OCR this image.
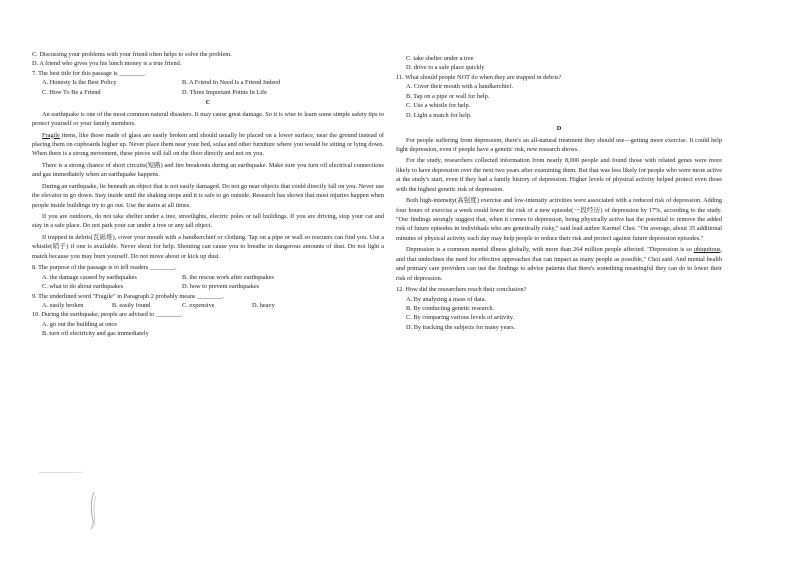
C. Discussing your problems with your friend often helps to solve the problem.
D. A friend who gives you his lunch money is a true friend.
7. The best title for this passage is ________.
A. Honesty Is the Best Policy	B. A Friend In Need Is a Friend Indeed
C. How To Be a Friend	D. Three Important Points In Life
C
An earthquake is one of the most common natural disasters. It may cause great damage. So it is wise to learn some simple safety tips to protect yourself or your family members.
Fragile items, like those made of glass are easily broken and should usually be placed on a lower surface, near the ground instead of placing them on cupboards higher up. Never place them near your bed, sofas and other furniture where you would be sitting or lying down. When there is a strong movement, these pieces will fall on the floor directly and not on you.
There is a strong chance of short circuits(短路) and fire breakouts during an earthquake. Make sure you turn off electrical connections and gas immediately when an earthquake happens.
During an earthquake, lie beneath an object that is not easily damaged. Do not go near objects that could directly fall on you. Never use the elevator to go down. Stay inside until the shaking stops and it is safe to go outside. Research has shown that most injuries happen when people inside buildings try to go out. Use the stairs at all times.
If you are outdoors, do not take shelter under a tree, streetlights, electric poles or tall buildings. If you are driving, stop your car and stay in a safe place. Do not park your car under a tree or any tall object.
If trapped in debris(瓦砾堆), cover your mouth with a handkerchief or clothing. Tap on a pipe or wall so rescuers can find you. Use a whistle(哨子) if one is available. Never shout for help. Shouting can cause you to breathe in dangerous amounts of dust. Do not light a match because you may burn yourself. Do not move about or kick up dust.
8. The purpose of the passage is to tell readers ________.
A. the damage caused by earthquakes	B. the rescue work after earthquakes
C. what to do about earthquakes	D. how to prevent earthquakes
9. The underlined word "Fragile" in Paragraph 2 probably means ________.
A. easily broken	B. easily found	C. expensive	D. heavy
10. During the earthquake, people are advised to ________.
A. go out the building at once
B. turn off electricity and gas immediately
C. take shelter under a tree
D. drive to a safe place quickly
11. What should people NOT do when they are trapped in debris?
A. Cover their mouth with a handkerchief.
B. Tap on a pipe or wall for help.
C. Use a whistle for help.
D. Light a match for help.
D
For people suffering from depression, there's an all-natural treatment they should use—getting more exercise. It could help fight depression, even if people have a genetic risk, new research shows.
For the study, researchers collected information from nearly 8,000 people and found those with related genes were more likely to have depression over the next two years after examining them. But that was less likely for people who were more active at the study's start, even if they had a family history of depression. Higher levels of physical activity helped protect even those with the highest genetic risk of depression.
Both high-intensity(高强度) exercise and low-intensity activities were associated with a reduced risk of depression. Adding four hours of exercise a week could lower the risk of a new episode(一段经历) of depression by 17%, according to the study. "Our findings strongly suggest that, when it comes to depression, being physically active has the potential to remove the added risk of future episodes in individuals who are genetically risky," said lead author Karmel Choi. "On average, about 35 additional minutes of physical activity each day may help people to reduce their risk and protect against future depression episodes."
Depression is a common mental illness globally, with more than 264 million people affected. "Depression is so ubiquitous, and that underlines the need for effective approaches that can impact as many people as possible," Choi said. And mental health and primary care providers can use the findings to advise patients that there's something meaningful they can do to lower their risk of depression.
12. How did the researchers reach their conclusion?
A. By analyzing a mass of data.
B. By conducting genetic research.
C. By comparing various levels of activity.
D. By tracking the subjects for many years.
